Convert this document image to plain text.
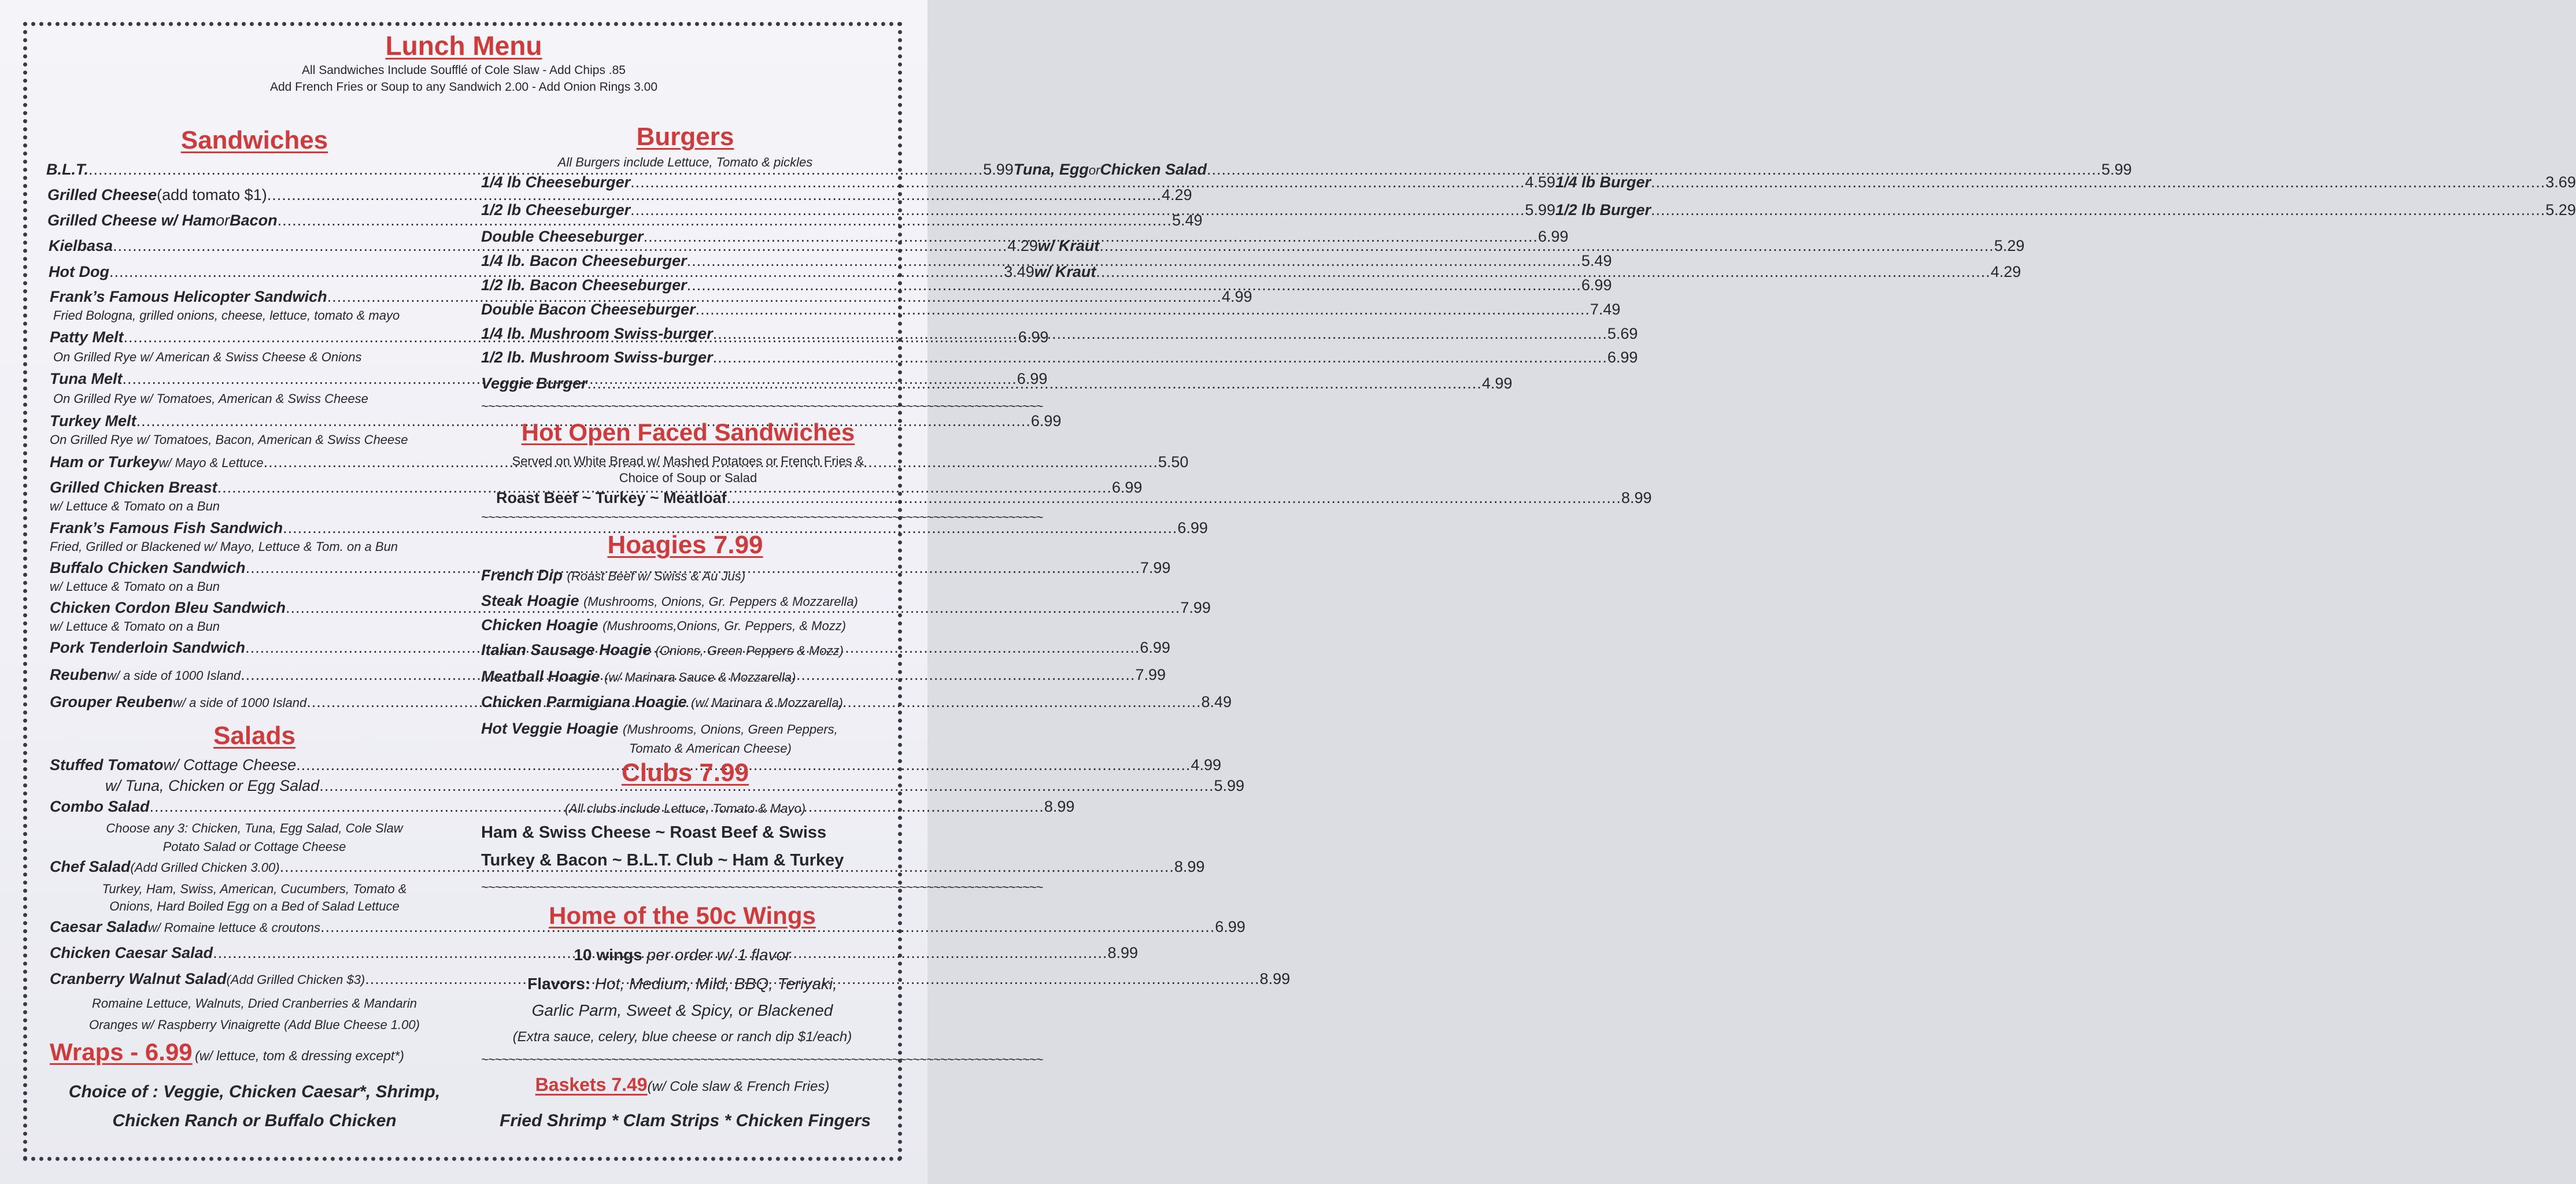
Lunch Menu
All Sandwiches Include Soufflé of Cole Slaw - Add Chips .85
Add French Fries or Soup to any Sandwich 2.00 - Add Onion Rings 3.00
Sandwiches
B.L.T. .....	5.99 Tuna, Egg or Chicken Salad .....	5.99
Grilled Cheese (add tomato $1) .....	4.29
Grilled Cheese w/ Ham or Bacon .....	5.49
Kielbasa .....	4.29 w/ Kraut .....	5.29
Hot Dog .....	3.49 w/ Kraut .....	4.29
Frank’s Famous Helicopter Sandwich .....	4.99
Fried Bologna, grilled onions, cheese, lettuce, tomato & mayo
Patty Melt .....	6.99
On Grilled Rye w/ American & Swiss Cheese & Onions
Tuna Melt .....	6.99
On Grilled Rye w/ Tomatoes, American & Swiss Cheese
Turkey Melt .....	6.99
On Grilled Rye w/ Tomatoes, Bacon, American & Swiss Cheese
Ham or Turkey w/ Mayo & Lettuce .....	5.50
Grilled Chicken Breast .....	6.99
w/ Lettuce & Tomato on a Bun
Frank’s Famous Fish Sandwich .....	6.99
Fried, Grilled or Blackened w/ Mayo, Lettuce & Tom. on a Bun
Buffalo Chicken Sandwich .....	7.99
w/ Lettuce & Tomato on a Bun
Chicken Cordon Bleu Sandwich .....	7.99
w/ Lettuce & Tomato on a Bun
Pork Tenderloin Sandwich .....	6.99
Reuben w/ a side of 1000 Island .....	7.99
Grouper Reuben w/ a side of 1000 Island .....	8.49
Salads
Stuffed Tomato w/ Cottage Cheese .....	4.99
w/ Tuna, Chicken or Egg Salad .....	5.99
Combo Salad .....	8.99
Choose any 3: Chicken, Tuna, Egg Salad, Cole Slaw
Potato Salad or Cottage Cheese
Chef Salad (Add Grilled Chicken 3.00) .....	8.99
Turkey, Ham, Swiss, American, Cucumbers, Tomato &
Onions, Hard Boiled Egg on a Bed of Salad Lettuce
Caesar Salad w/ Romaine lettuce & croutons .....	6.99
Chicken Caesar Salad .....	8.99
Cranberry Walnut Salad (Add Grilled Chicken $3) .....	8.99
Romaine Lettuce, Walnuts, Dried Cranberries & Mandarin
Oranges w/ Raspberry Vinaigrette (Add Blue Cheese 1.00)
Wraps - 6.99 (w/ lettuce, tom & dressing except*)
Choice of : Veggie, Chicken Caesar*, Shrimp,
Chicken Ranch or Buffalo Chicken
Burgers
All Burgers include Lettuce, Tomato & pickles
1/4 lb Cheeseburger .....	4.59 1/4 lb Burger .....	3.69
1/2 lb Cheeseburger .....	5.99 1/2 lb Burger .....	5.29
Double Cheeseburger .....	6.99
1/4 lb. Bacon Cheeseburger .....	5.49
1/2 lb. Bacon Cheeseburger .....	6.99
Double Bacon Cheeseburger .....	7.49
1/4 lb. Mushroom Swiss-burger .....	5.69
1/2 lb. Mushroom Swiss-burger .....	6.99
Veggie Burger .....	4.99
~~~~~~~~~~~~~~~~~~~~~~~~~~~~~~~~~~~~~~~~~~~~~~~~~~~~~~~~~~~~~~~~~~~~~~~~~~~~~~~~~~
Hot Open Faced Sandwiches
Served on White Bread w/ Mashed Potatoes or French Fries &
Choice of Soup or Salad
Roast Beef ~ Turkey ~ Meatloaf .....	8.99
~~~~~~~~~~~~~~~~~~~~~~~~~~~~~~~~~~~~~~~~~~~~~~~~~~~~~~~~~~~~~~~~~~~~~~~~~~~~~~~~~~
Hoagies 7.99
French Dip (Roast Beef w/ Swiss & Au Jus)
Steak Hoagie (Mushrooms, Onions, Gr. Peppers & Mozzarella)
Chicken Hoagie (Mushrooms,Onions, Gr. Peppers, & Mozz)
Italian Sausage Hoagie (Onions, Green Peppers & Mozz)
Meatball Hoagie (w/ Marinara Sauce & Mozzarella)
Chicken Parmigiana Hoagie (w/ Marinara & Mozzarella)
Hot Veggie Hoagie (Mushrooms, Onions, Green Peppers,
Tomato & American Cheese)
Clubs 7.99
(All clubs include Lettuce, Tomato & Mayo)
Ham & Swiss Cheese ~ Roast Beef & Swiss
Turkey & Bacon ~ B.L.T. Club ~ Ham & Turkey
~~~~~~~~~~~~~~~~~~~~~~~~~~~~~~~~~~~~~~~~~~~~~~~~~~~~~~~~~~~~~~~~~~~~~~~~~~~~~~~~~~
Home of the 50c Wings
10 wings per order w/ 1 flavor
Flavors: Hot, Medium, Mild, BBQ, Teriyaki,
Garlic Parm, Sweet & Spicy, or Blackened
(Extra sauce, celery, blue cheese or ranch dip $1/each)
~~~~~~~~~~~~~~~~~~~~~~~~~~~~~~~~~~~~~~~~~~~~~~~~~~~~~~~~~~~~~~~~~~~~~~~~~~~~~~~~~~
Baskets 7.49(w/ Cole slaw & French Fries)
Fried Shrimp * Clam Strips * Chicken Fingers
